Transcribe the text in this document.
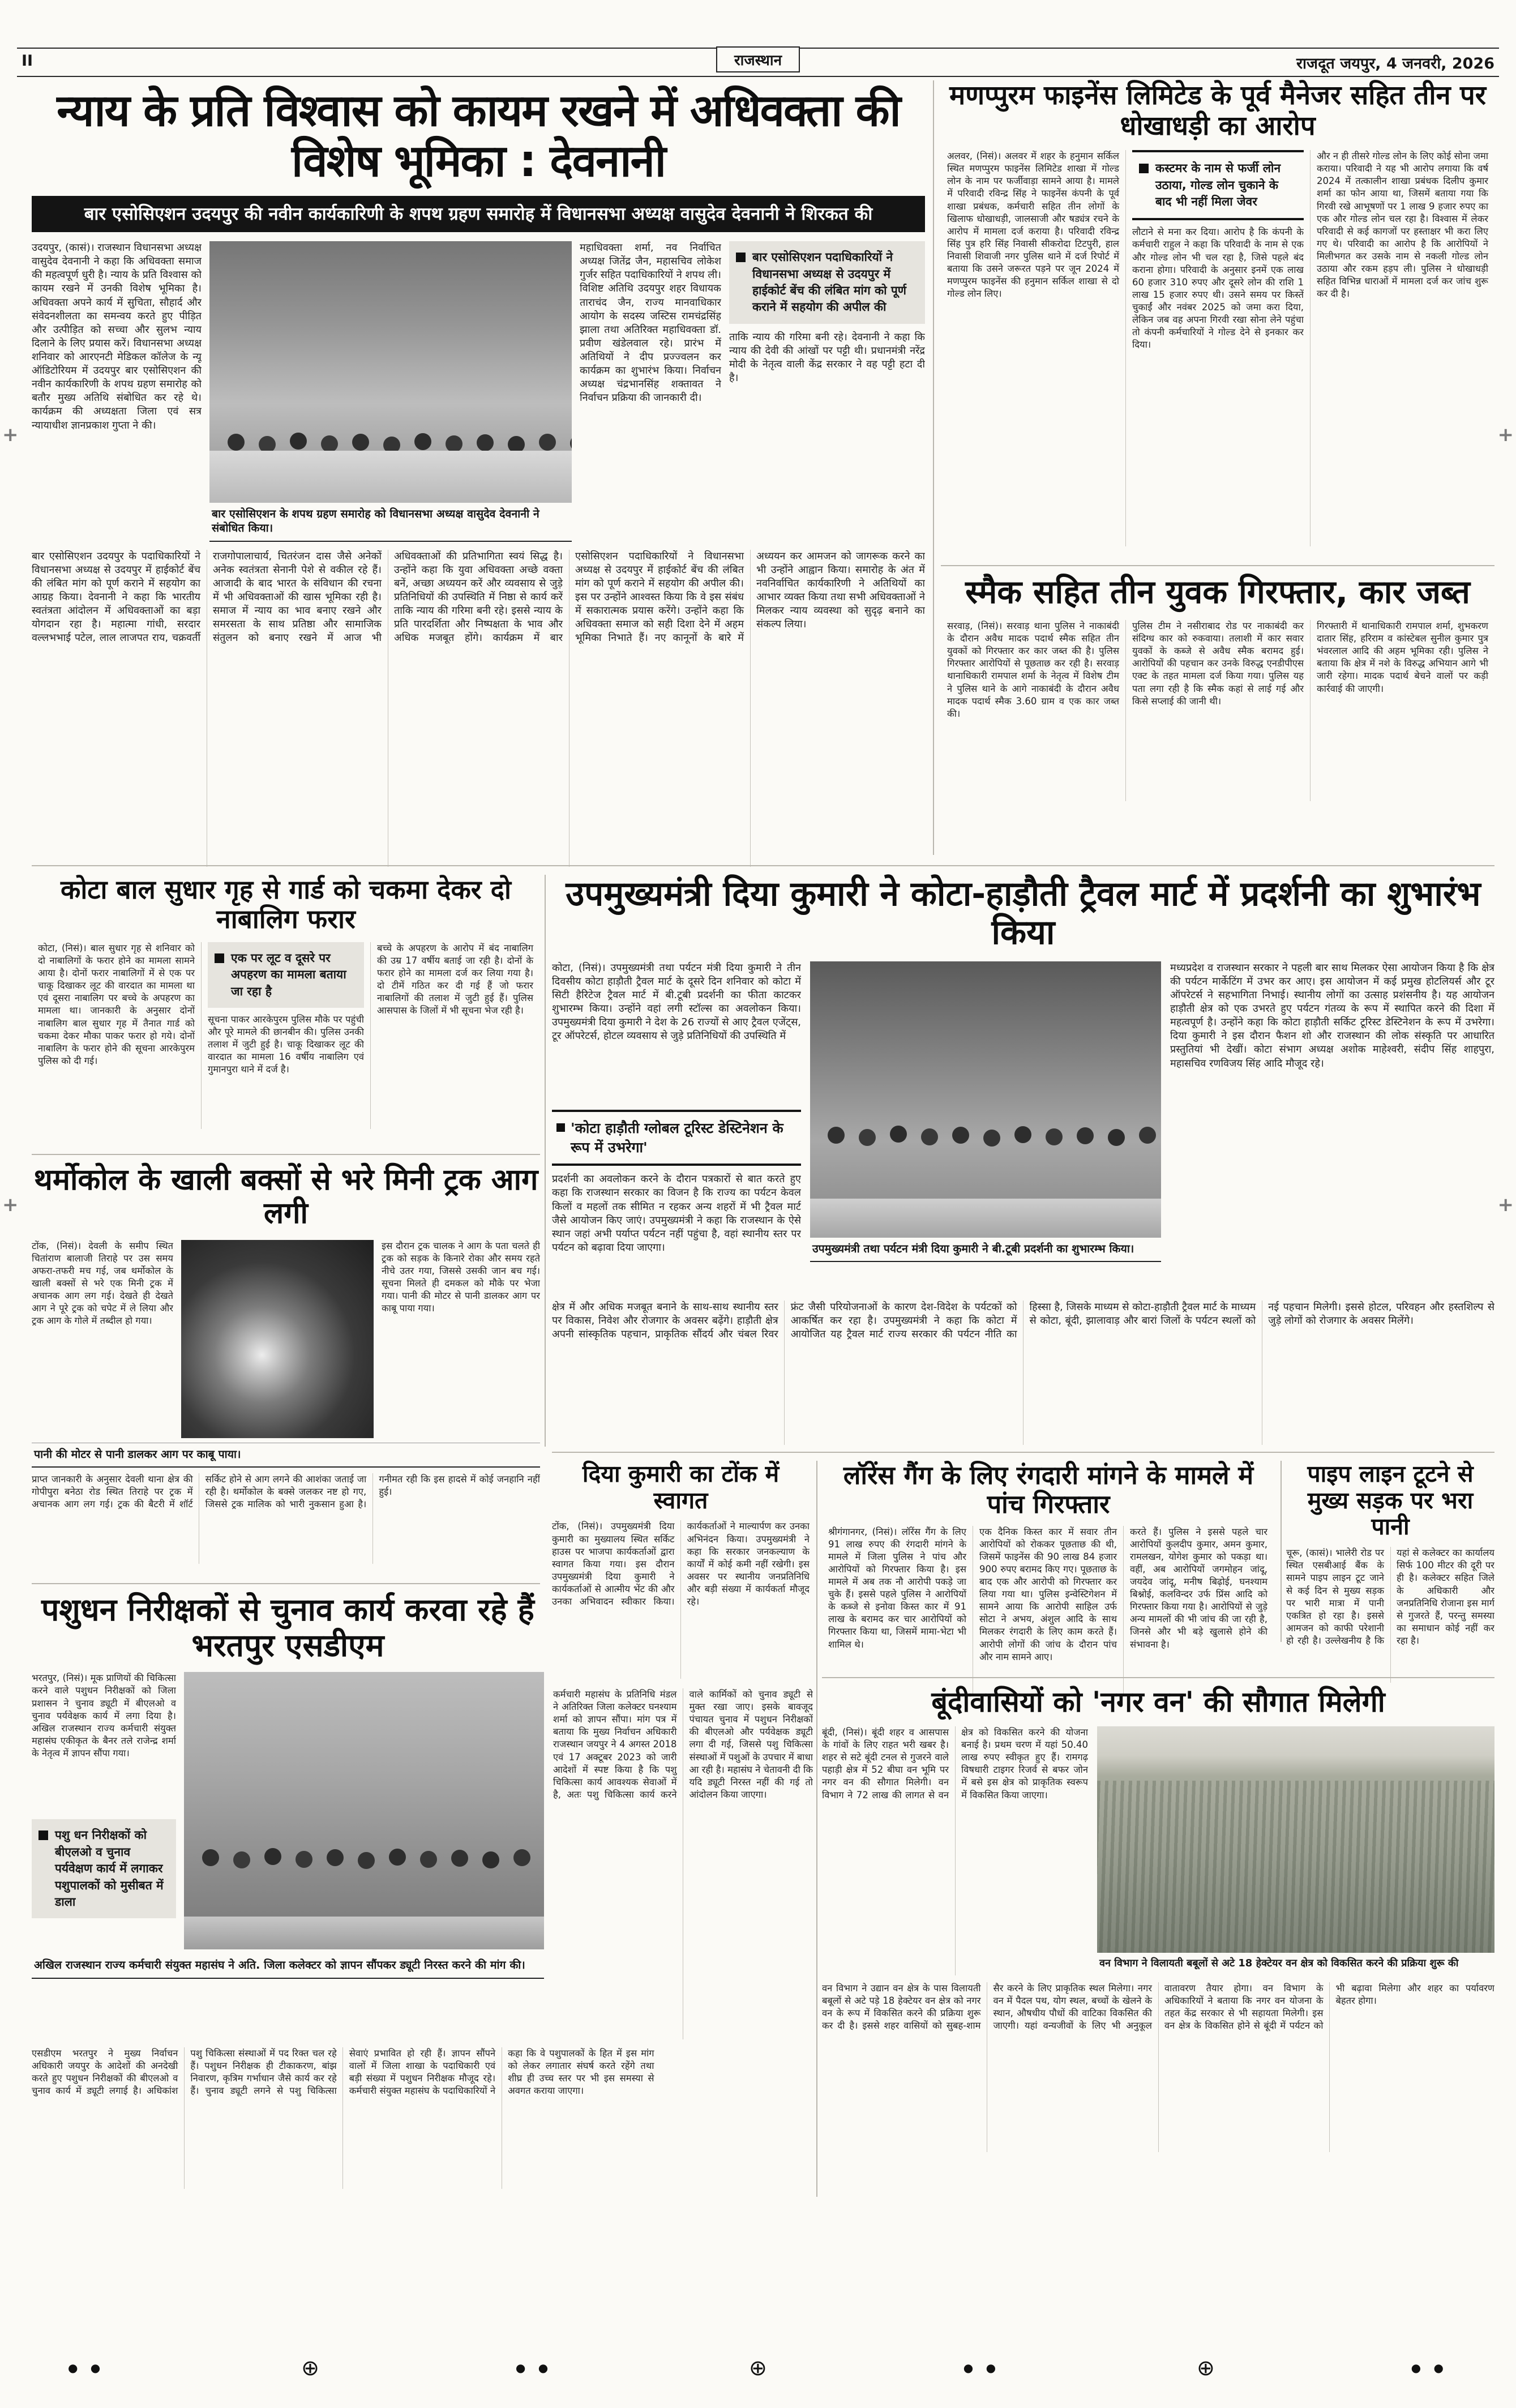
II	राजस्थान	राजदूत जयपुर, 4 जनवरी, 2026
न्याय के प्रति विश्वास को कायम रखने में अधिवक्ता की विशेष भूमिका : देवनानी
बार एसोसिएशन उदयपुर की नवीन कार्यकारिणी के शपथ ग्रहण समारोह में विधानसभा अध्यक्ष वासुदेव देवनानी ने शिरकत की
उदयपुर, (कासं)। राजस्थान विधानसभा अध्यक्ष वासुदेव देवनानी ने कहा कि अधिवक्ता समाज की महत्वपूर्ण धुरी है। न्याय के प्रति विश्वास को कायम रखने में उनकी विशेष भूमिका है। अधिवक्ता अपने कार्य में सुचिता, सौहार्द और संवेदनशीलता का समन्वय करते हुए पीड़ित और उत्पीड़ित को सच्चा और सुलभ न्याय दिलाने के लिए प्रयास करें। विधानसभा अध्यक्ष शनिवार को आरएनटी मेडिकल कॉलेज के न्यू ऑडिटोरियम में उदयपुर बार एसोसिएशन की नवीन कार्यकारिणी के शपथ ग्रहण समारोह को बतौर मुख्य अतिथि संबोधित कर रहे थे। कार्यक्रम की अध्यक्षता जिला एवं सत्र न्यायाधीश ज्ञानप्रकाश गुप्ता ने की।
बार एसोसिएशन के शपथ ग्रहण समारोह को विधानसभा अध्यक्ष वासुदेव देवनानी ने संबोधित किया।
महाधिवक्ता शर्मा, नव निर्वाचित अध्यक्ष जितेंद्र जैन, महासचिव लोकेश गुर्जर सहित पदाधिकारियों ने शपथ ली। विशिष्ट अतिथि उदयपुर शहर विधायक ताराचंद जैन, राज्य मानवाधिकार आयोग के सदस्य जस्टिस रामचंद्रसिंह झाला तथा अतिरिक्त महाधिवक्ता डॉ. प्रवीण खंडेलवाल रहे। प्रारंभ में अतिथियों ने दीप प्रज्ज्वलन कर कार्यक्रम का शुभारंभ किया। निर्वाचन अध्यक्ष चंद्रभानसिंह शक्तावत ने निर्वाचन प्रक्रिया की जानकारी दी।
बार एसोसिएशन पदाधिकारियों ने विधानसभा अध्यक्ष से उदयपुर में हाईकोर्ट बेंच की लंबित मांग को पूर्ण कराने में सहयोग की अपील की
ताकि न्याय की गरिमा बनी रहे। देवनानी ने कहा कि न्याय की देवी की आंखों पर पट्टी थी। प्रधानमंत्री नरेंद्र मोदी के नेतृत्व वाली केंद्र सरकार ने वह पट्टी हटा दी है।
बार एसोसिएशन उदयपुर के पदाधिकारियों ने विधानसभा अध्यक्ष से उदयपुर में हाईकोर्ट बेंच की लंबित मांग को पूर्ण कराने में सहयोग का आग्रह किया। देवनानी ने कहा कि भारतीय स्वतंत्रता आंदोलन में अधिवक्ताओं का बड़ा योगदान रहा है। महात्मा गांधी, सरदार वल्लभभाई पटेल, लाल लाजपत राय, चक्रवर्ती राजगोपालाचार्य, चितरंजन दास जैसे अनेकों अनेक स्वतंत्रता सेनानी पेशे से वकील रहे हैं। आजादी के बाद भारत के संविधान की रचना में भी अधिवक्ताओं की खास भूमिका रही है। समाज में न्याय का भाव बनाए रखने और समरसता के साथ प्रतिष्ठा और सामाजिक संतुलन को बनाए रखने में आज भी अधिवक्ताओं की प्रतिभागिता स्वयं सिद्ध है। उन्होंने कहा कि युवा अधिवक्ता अच्छे वक्ता बनें, अच्छा अध्ययन करें और व्यवसाय से जुड़े प्रतिनिधियों की उपस्थिति में निष्ठा से कार्य करें ताकि न्याय की गरिमा बनी रहे। इससे न्याय के प्रति पारदर्शिता और निष्पक्षता के भाव और अधिक मजबूत होंगे। कार्यक्रम में बार एसोसिएशन पदाधिकारियों ने विधानसभा अध्यक्ष से उदयपुर में हाईकोर्ट बेंच की लंबित मांग को पूर्ण कराने में सहयोग की अपील की। इस पर उन्होंने आश्वस्त किया कि वे इस संबंध में सकारात्मक प्रयास करेंगे। उन्होंने कहा कि अधिवक्ता समाज को सही दिशा देने में अहम भूमिका निभाते हैं। नए कानूनों के बारे में अध्ययन कर आमजन को जागरूक करने का भी उन्होंने आह्वान किया। समारोह के अंत में नवनिर्वाचित कार्यकारिणी ने अतिथियों का आभार व्यक्त किया तथा सभी अधिवक्ताओं ने मिलकर न्याय व्यवस्था को सुदृढ़ बनाने का संकल्प लिया।
मणप्पुरम फाइनेंस लिमिटेड के पूर्व मैनेजर सहित तीन पर धोखाधड़ी का आरोप
अलवर, (निसं)। अलवर में शहर के हनुमान सर्किल स्थित मणप्पुरम फाइनेंस लिमिटेड शाखा में गोल्ड लोन के नाम पर फर्जीवाड़ा सामने आया है। मामले में परिवादी रविन्द्र सिंह ने फाइनेंस कंपनी के पूर्व शाखा प्रबंधक, कर्मचारी सहित तीन लोगों के खिलाफ धोखाधड़ी, जालसाजी और षड्यंत्र रचने के आरोप में मामला दर्ज कराया है। परिवादी रविन्द्र सिंह पुत्र हरि सिंह निवासी सीकरोदा टिटपुरी, हाल निवासी शिवाजी नगर पुलिस थाने में दर्ज रिपोर्ट में बताया कि उसने जरूरत पड़ने पर जून 2024 में मणप्पुरम फाइनेंस की हनुमान सर्किल शाखा से दो गोल्ड लोन लिए।
कस्टमर के नाम से फर्जी लोन उठाया, गोल्ड लोन चुकाने के बाद भी नहीं मिला जेवर
लौटाने से मना कर दिया। आरोप है कि कंपनी के कर्मचारी राहुल ने कहा कि परिवादी के नाम से एक और गोल्ड लोन भी चल रहा है, जिसे पहले बंद कराना होगा। परिवादी के अनुसार इनमें एक लाख 60 हजार 310 रुपए और दूसरे लोन की राशि 1 लाख 15 हजार रुपए थी। उसने समय पर किस्तें चुकाईं और नवंबर 2025 को जमा करा दिया, लेकिन जब वह अपना गिरवी रखा सोना लेने पहुंचा तो कंपनी कर्मचारियों ने गोल्ड देने से इनकार कर दिया।
और न ही तीसरे गोल्ड लोन के लिए कोई सोना जमा कराया। परिवादी ने यह भी आरोप लगाया कि वर्ष 2024 में तत्कालीन शाखा प्रबंधक दिलीप कुमार शर्मा का फोन आया था, जिसमें बताया गया कि गिरवी रखे आभूषणों पर 1 लाख 9 हजार रुपए का एक और गोल्ड लोन चल रहा है। विश्वास में लेकर परिवादी से कई कागजों पर हस्ताक्षर भी करा लिए गए थे। परिवादी का आरोप है कि आरोपियों ने मिलीभगत कर उसके नाम से नकली गोल्ड लोन उठाया और रकम हड़प ली। पुलिस ने धोखाधड़ी सहित विभिन्न धाराओं में मामला दर्ज कर जांच शुरू कर दी है।
स्मैक सहित तीन युवक गिरफ्तार, कार जब्त
सरवाड़, (निसं)। सरवाड़ थाना पुलिस ने नाकाबंदी के दौरान अवैध मादक पदार्थ स्मैक सहित तीन युवकों को गिरफ्तार कर कार जब्त की है। पुलिस गिरफ्तार आरोपियों से पूछताछ कर रही है। सरवाड़ थानाधिकारी रामपाल शर्मा के नेतृत्व में विशेष टीम ने पुलिस थाने के आगे नाकाबंदी के दौरान अवैध मादक पदार्थ स्मैक 3.60 ग्राम व एक कार जब्त की।
पुलिस टीम ने नसीराबाद रोड पर नाकाबंदी कर संदिग्ध कार को रुकवाया। तलाशी में कार सवार युवकों के कब्जे से अवैध स्मैक बरामद हुई। आरोपियों की पहचान कर उनके विरुद्ध एनडीपीएस एक्ट के तहत मामला दर्ज किया गया। पुलिस यह पता लगा रही है कि स्मैक कहां से लाई गई और किसे सप्लाई की जानी थी।
गिरफ्तारी में थानाधिकारी रामपाल शर्मा, शुभकरण दातार सिंह, हरिराम व कांस्टेबल सुनील कुमार पुत्र भंवरलाल आदि की अहम भूमिका रही। पुलिस ने बताया कि क्षेत्र में नशे के विरुद्ध अभियान आगे भी जारी रहेगा। मादक पदार्थ बेचने वालों पर कड़ी कार्रवाई की जाएगी।
कोटा बाल सुधार गृह से गार्ड को चकमा देकर दो नाबालिग फरार
कोटा, (निसं)। बाल सुधार गृह से शनिवार को दो नाबालिगों के फरार होने का मामला सामने आया है। दोनों फरार नाबालिगों में से एक पर चाकू दिखाकर लूट की वारदात का मामला था एवं दूसरा नाबालिग पर बच्चे के अपहरण का मामला था। जानकारी के अनुसार दोनों नाबालिग बाल सुधार गृह में तैनात गार्ड को चकमा देकर मौका पाकर फरार हो गये। दोनों नाबालिग के फरार होने की सूचना आरकेपुरम पुलिस को दी गई।
एक पर लूट व दूसरे पर अपहरण का मामला बताया जा रहा है
सूचना पाकर आरकेपुरम पुलिस मौके पर पहुंची और पूरे मामले की छानबीन की। पुलिस उनकी तलाश में जुटी हुई है। चाकू दिखाकर लूट की वारदात का मामला 16 वर्षीय नाबालिग एवं गुमानपुरा थाने में दर्ज है।
बच्चे के अपहरण के आरोप में बंद नाबालिग की उम्र 17 वर्षीय बताई जा रही है। दोनों के फरार होने का मामला दर्ज कर लिया गया है। दो टीमें गठित कर दी गई हैं जो फरार नाबालिगों की तलाश में जुटी हुई हैं। पुलिस आसपास के जिलों में भी सूचना भेज रही है।
उपमुख्यमंत्री दिया कुमारी ने कोटा-हाड़ौती ट्रैवल मार्ट में प्रदर्शनी का शुभारंभ किया
कोटा, (निसं)। उपमुख्यमंत्री तथा पर्यटन मंत्री दिया कुमारी ने तीन दिवसीय कोटा हाड़ौती ट्रैवल मार्ट के दूसरे दिन शनिवार को कोटा में सिटी हैरिटेज ट्रैवल मार्ट में बी.टूबी प्रदर्शनी का फीता काटकर शुभारम्भ किया। उन्होंने वहां लगी स्टॉल्स का अवलोकन किया। उपमुख्यमंत्री दिया कुमारी ने देश के 26 राज्यों से आए ट्रैवल एजेंट्स, टूर ऑपरेटर्स, होटल व्यवसाय से जुड़े प्रतिनिधियों की उपस्थिति में
'कोटा हाड़ौती ग्लोबल टूरिस्ट डेस्टिनेशन के रूप में उभरेगा'
प्रदर्शनी का अवलोकन करने के दौरान पत्रकारों से बात करते हुए कहा कि राजस्थान सरकार का विजन है कि राज्य का पर्यटन केवल किलों व महलों तक सीमित न रहकर अन्य शहरों में भी ट्रैवल मार्ट जैसे आयोजन किए जाएं। उपमुख्यमंत्री ने कहा कि राजस्थान के ऐसे स्थान जहां अभी पर्याप्त पर्यटन नहीं पहुंचा है, वहां स्थानीय स्तर पर पर्यटन को बढ़ावा दिया जाएगा।	उपमुख्यमंत्री तथा पर्यटन मंत्री दिया कुमारी ने बी.टूबी प्रदर्शनी का शुभारम्भ किया।
मध्यप्रदेश व राजस्थान सरकार ने पहली बार साथ मिलकर ऐसा आयोजन किया है कि क्षेत्र की पर्यटन मार्केटिंग में उभर कर आए। इस आयोजन में कई प्रमुख होटलियर्स और टूर ऑपरेटर्स ने सहभागिता निभाई। स्थानीय लोगों का उत्साह प्रशंसनीय है। यह आयोजन हाड़ौती क्षेत्र को एक उभरते हुए पर्यटन गंतव्य के रूप में स्थापित करने की दिशा में महत्वपूर्ण है। उन्होंने कहा कि कोटा हाड़ौती सर्किट टूरिस्ट डेस्टिनेशन के रूप में उभरेगा। दिया कुमारी ने इस दौरान फैशन शो और राजस्थान की लोक संस्कृति पर आधारित प्रस्तुतियां भी देखीं। कोटा संभाग अध्यक्ष अशोक माहेश्वरी, संदीप सिंह शाहपुरा, महासचिव रणविजय सिंह आदि मौजूद रहे।
क्षेत्र में और अधिक मजबूत बनाने के साथ-साथ स्थानीय स्तर पर विकास, निवेश और रोजगार के अवसर बढ़ेंगे। हाड़ौती क्षेत्र अपनी सांस्कृतिक पहचान, प्राकृतिक सौंदर्य और चंबल रिवर फ्रंट जैसी परियोजनाओं के कारण देश-विदेश के पर्यटकों को आकर्षित कर रहा है। उपमुख्यमंत्री ने कहा कि कोटा में आयोजित यह ट्रैवल मार्ट राज्य सरकार की पर्यटन नीति का हिस्सा है, जिसके माध्यम से कोटा-हाड़ौती ट्रैवल मार्ट के माध्यम से कोटा, बूंदी, झालावाड़ और बारां जिलों के पर्यटन स्थलों को नई पहचान मिलेगी। इससे होटल, परिवहन और हस्तशिल्प से जुड़े लोगों को रोजगार के अवसर मिलेंगे।
थर्मोकोल के खाली बक्सों से भरे मिनी ट्रक आग लगी
टोंक, (निसं)। देवली के समीप स्थित चितांराण बालाजी तिराहे पर उस समय अफरा-तफरी मच गई, जब थर्मोकोल के खाली बक्सों से भरे एक मिनी ट्रक में अचानक आग लग गई। देखते ही देखते आग ने पूरे ट्रक को चपेट में ले लिया और ट्रक आग के गोले में तब्दील हो गया।
इस दौरान ट्रक चालक ने आग के पता चलते ही ट्रक को सड़क के किनारे रोका और समय रहते नीचे उतर गया, जिससे उसकी जान बच गई। सूचना मिलते ही दमकल को मौके पर भेजा गया। पानी की मोटर से पानी डालकर आग पर काबू पाया गया।
पानी की मोटर से पानी डालकर आग पर काबू पाया।
प्राप्त जानकारी के अनुसार देवली थाना क्षेत्र की गोपीपुरा बनेठा रोड स्थित तिराहे पर ट्रक में अचानक आग लग गई। ट्रक की बैटरी में शॉर्ट सर्किट होने से आग लगने की आशंका जताई जा रही है। थर्मोकोल के बक्से जलकर नष्ट हो गए, जिससे ट्रक मालिक को भारी नुकसान हुआ है। गनीमत रही कि इस हादसे में कोई जनहानि नहीं हुई।
दिया कुमारी का टोंक में स्वागत
टोंक, (निसं)। उपमुख्यमंत्री दिया कुमारी का मुख्यालय स्थित सर्किट हाउस पर भाजपा कार्यकर्ताओं द्वारा स्वागत किया गया। इस दौरान उपमुख्यमंत्री दिया कुमारी ने कार्यकर्ताओं से आत्मीय भेंट की और उनका अभिवादन स्वीकार किया। कार्यकर्ताओं ने माल्यार्पण कर उनका अभिनंदन किया। उपमुख्यमंत्री ने कहा कि सरकार जनकल्याण के कार्यों में कोई कमी नहीं रखेगी। इस अवसर पर स्थानीय जनप्रतिनिधि और बड़ी संख्या में कार्यकर्ता मौजूद रहे।
लॉरेंस गैंग के लिए रंगदारी मांगने के मामले में पांच गिरफ्तार
श्रीगंगानगर, (निसं)। लॉरेंस गैंग के लिए 91 लाख रुपए की रंगदारी मांगने के मामले में जिला पुलिस ने पांच और आरोपियों को गिरफ्तार किया है। इस मामले में अब तक नौ आरोपी पकड़े जा चुके हैं। इससे पहले पुलिस ने आरोपियों के कब्जे से इनोवा किस्त कार में 91 लाख के बरामद कर चार आरोपियों को गिरफ्तार किया था, जिसमें मामा-भेटा भी शामिल थे।
एक दैनिक किस्त कार में सवार तीन आरोपियों को रोककर पूछताछ की थी, जिसमें फाइनेंस की 90 लाख 84 हजार 900 रुपए बरामद किए गए। पूछताछ के बाद एक और आरोपी को गिरफ्तार कर लिया गया था। पुलिस इन्वेस्टिगेशन में सामने आया कि आरोपी साहिल उर्फ सोटा ने अभय, अंशुल आदि के साथ मिलकर रंगदारी के लिए काम करते हैं। आरोपी लोगों की जांच के दौरान पांच और नाम सामने आए।
करते हैं। पुलिस ने इससे पहले चार आरोपियों कुलदीप कुमार, अमन कुमार, रामलखन, योगेश कुमार को पकड़ा था। वहीं, अब आरोपियों जगमोहन जांदू, जयदेव जांदू, मनीष बिढ़ोई, घनश्याम बिश्नोई, कलविन्दर उर्फ प्रिंस आदि को गिरफ्तार किया गया है। आरोपियों से जुड़े अन्य मामलों की भी जांच की जा रही है, जिनसे और भी बड़े खुलासे होने की संभावना है।
पाइप लाइन टूटने से मुख्य सड़क पर भरा पानी
चूरू, (कासं)। भालेरी रोड पर स्थित एसबीआई बैंक के सामने पाइप लाइन टूट जाने से कई दिन से मुख्य सड़क पर भारी मात्रा में पानी एकत्रित हो रहा है। इससे आमजन को काफी परेशानी हो रही है। उल्लेखनीय है कि यहां से कलेक्टर का कार्यालय सिर्फ 100 मीटर की दूरी पर ही है। कलेक्टर सहित जिले के अधिकारी और जनप्रतिनिधि रोजाना इस मार्ग से गुजरते हैं, परन्तु समस्या का समाधान कोई नहीं कर रहा है।
पशुधन निरीक्षकों से चुनाव कार्य करवा रहे हैं भरतपुर एसडीएम
भरतपुर, (निसं)। मूक प्राणियों की चिकित्सा करने वाले पशुधन निरीक्षकों को जिला प्रशासन ने चुनाव ड्यूटी में बीएलओ व चुनाव पर्यवेक्षक कार्य में लगा दिया है। अखिल राजस्थान राज्य कर्मचारी संयुक्त महासंघ एकीकृत के बैनर तले राजेन्द्र शर्मा के नेतृत्व में ज्ञापन सौंपा गया।
पशु धन निरीक्षकों को बीएलओ व चुनाव पर्यवेक्षण कार्य में लगाकर पशुपालकों को मुसीबत में डाला
अखिल राजस्थान राज्य कर्मचारी संयुक्त महासंघ ने अति. जिला कलेक्टर को ज्ञापन सौंपकर ड्यूटी निरस्त करने की मांग की।
कर्मचारी महासंघ के प्रतिनिधि मंडल ने अतिरिक्त जिला कलेक्टर घनश्याम शर्मा को ज्ञापन सौंपा। मांग पत्र में बताया कि मुख्य निर्वाचन अधिकारी राजस्थान जयपुर ने 4 अगस्त 2018 एवं 17 अक्टूबर 2023 को जारी आदेशों में स्पष्ट किया है कि पशु चिकित्सा कार्य आवश्यक सेवाओं में है, अतः पशु चिकित्सा कार्य करने वाले कार्मिकों को चुनाव ड्यूटी से मुक्त रखा जाए। इसके बावजूद पंचायत चुनाव में पशुधन निरीक्षकों की बीएलओ और पर्यवेक्षक ड्यूटी लगा दी गई, जिससे पशु चिकित्सा संस्थाओं में पशुओं के उपचार में बाधा आ रही है। महासंघ ने चेतावनी दी कि यदि ड्यूटी निरस्त नहीं की गई तो आंदोलन किया जाएगा।
एसडीएम भरतपुर ने मुख्य निर्वाचन अधिकारी जयपुर के आदेशों की अनदेखी करते हुए पशुधन निरीक्षकों की बीएलओ व चुनाव कार्य में ड्यूटी लगाई है। अधिकांश पशु चिकित्सा संस्थाओं में पद रिक्त चल रहे हैं। पशुधन निरीक्षक ही टीकाकरण, बांझ निवारण, कृत्रिम गर्भाधान जैसे कार्य कर रहे हैं। चुनाव ड्यूटी लगने से पशु चिकित्सा सेवाएं प्रभावित हो रही हैं। ज्ञापन सौंपने वालों में जिला शाखा के पदाधिकारी एवं बड़ी संख्या में पशुधन निरीक्षक मौजूद रहे। कर्मचारी संयुक्त महासंघ के पदाधिकारियों ने कहा कि वे पशुपालकों के हित में इस मांग को लेकर लगातार संघर्ष करते रहेंगे तथा शीघ्र ही उच्च स्तर पर भी इस समस्या से अवगत कराया जाएगा।
बूंदीवासियों को 'नगर वन' की सौगात मिलेगी
बूंदी, (निसं)। बूंदी शहर व आसपास के गांवों के लिए राहत भरी खबर है। शहर से सटे बूंदी टनल से गुजरने वाले पहाड़ी क्षेत्र में 52 बीघा वन भूमि पर नगर वन की सौगात मिलेगी। वन विभाग ने 72 लाख की लागत से वन क्षेत्र को विकसित करने की योजना बनाई है। प्रथम चरण में यहां 50.40 लाख रुपए स्वीकृत हुए हैं। रामगढ़ विषधारी टाइगर रिजर्व से बफर जोन में बसे इस क्षेत्र को प्राकृतिक स्वरूप में विकसित किया जाएगा।
वन विभाग ने विलायती बबूलों से अटे 18 हेक्टेयर वन क्षेत्र को विकसित करने की प्रक्रिया शुरू की
वन विभाग ने उद्यान वन क्षेत्र के पास विलायती बबूलों से अटे पड़े 18 हेक्टेयर वन क्षेत्र को नगर वन के रूप में विकसित करने की प्रक्रिया शुरू कर दी है। इससे शहर वासियों को सुबह-शाम सैर करने के लिए प्राकृतिक स्थल मिलेगा। नगर वन में पैदल पथ, योग स्थल, बच्चों के खेलने के स्थान, औषधीय पौधों की वाटिका विकसित की जाएगी। यहां वन्यजीवों के लिए भी अनुकूल वातावरण तैयार होगा। वन विभाग के अधिकारियों ने बताया कि नगर वन योजना के तहत केंद्र सरकार से भी सहायता मिलेगी। इस वन क्षेत्र के विकसित होने से बूंदी में पर्यटन को भी बढ़ावा मिलेगा और शहर का पर्यावरण बेहतर होगा।
+	+
+	+
● ●	⊕	● ●	⊕	● ●	⊕	● ●
